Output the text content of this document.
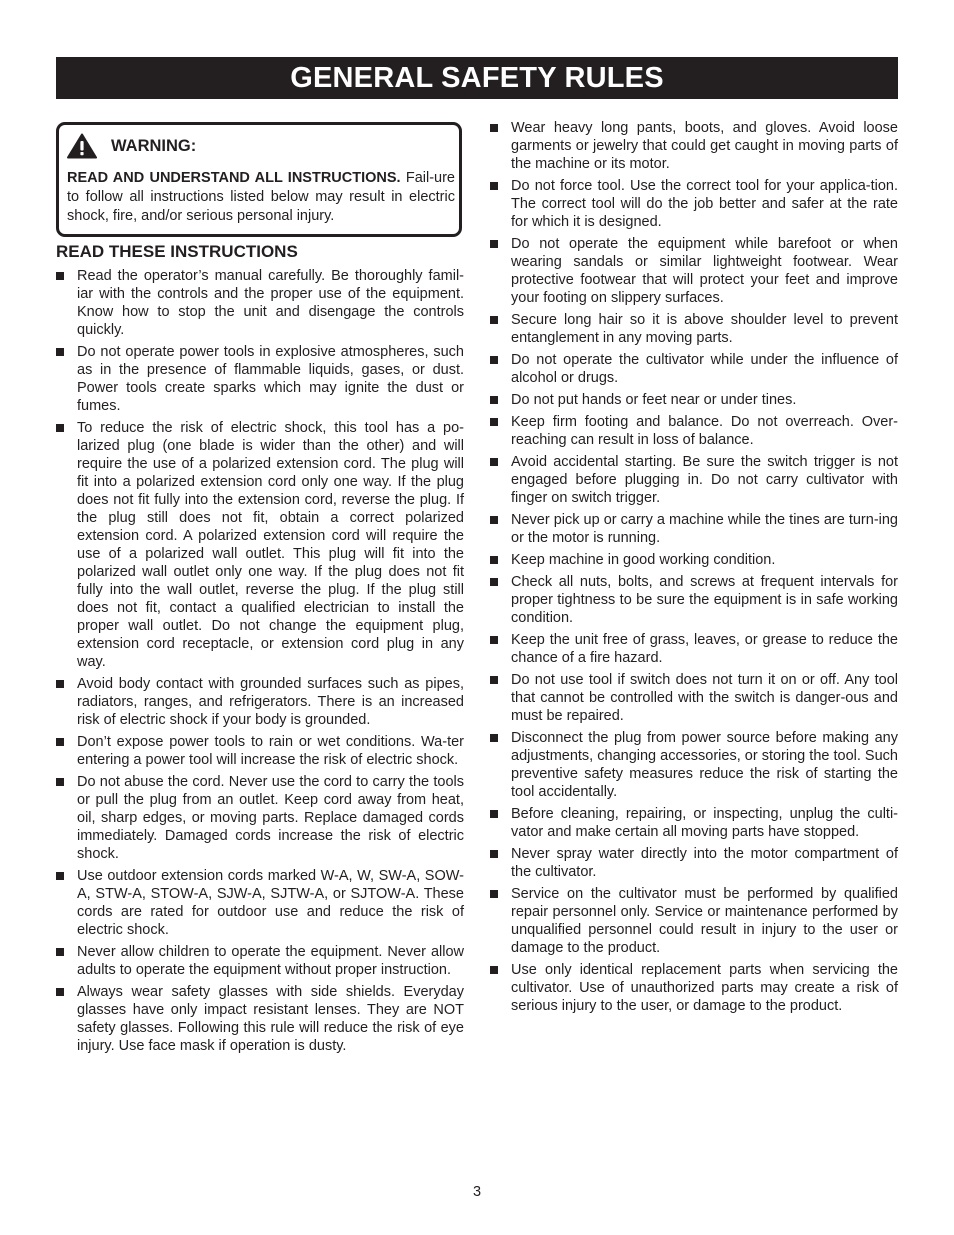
GENERAL SAFETY RULES
WARNING:
READ AND UNDERSTAND ALL INSTRUCTIONS. Fail-ure to follow all instructions listed below may result in electric shock, fire, and/or serious personal injury.
READ THESE INSTRUCTIONS
Read the operator’s manual carefully. Be thoroughly famil-iar with the controls and the proper use of the equipment. Know how to stop the unit and disengage the controls quickly.
Do not operate power tools in explosive atmospheres, such as in the presence of flammable liquids, gases, or dust. Power tools create sparks which may ignite the dust or fumes.
To reduce the risk of electric shock, this tool has a po-larized plug (one blade is wider than the other) and will require the use of a polarized extension cord. The plug will fit into a polarized extension cord only one way. If the plug does not fit fully into the extension cord, reverse the plug. If the plug still does not fit, obtain a correct polarized extension cord. A polarized extension cord will require the use of a polarized wall outlet. This plug will fit into the polarized wall outlet only one way. If the plug does not fit fully into the wall outlet, reverse the plug. If the plug still does not fit, contact a qualified electrician to install the proper wall outlet. Do not change the equipment plug, extension cord receptacle, or extension cord plug in any way.
Avoid body contact with grounded surfaces such as pipes, radiators, ranges, and refrigerators. There is an increased risk of electric shock if your body is grounded.
Don’t expose power tools to rain or wet conditions. Wa-ter entering a power tool will increase the risk of electric shock.
Do not abuse the cord. Never use the cord to carry the tools or pull the plug from an outlet. Keep cord away from heat, oil, sharp edges, or moving parts. Replace damaged cords immediately. Damaged cords increase the risk of electric shock.
Use outdoor extension cords marked W-A, W, SW-A, SOW-A, STW-A, STOW-A, SJW-A, SJTW-A, or SJTOW-A. These cords are rated for outdoor use and reduce the risk of electric shock.
Never allow children to operate the equipment. Never allow adults to operate the equipment without proper instruction.
Always wear safety glasses with side shields. Everyday glasses have only impact resistant lenses. They are NOT safety glasses. Following this rule will reduce the risk of eye injury. Use face mask if operation is dusty.
Wear heavy long pants, boots, and gloves. Avoid loose garments or jewelry that could get caught in moving parts of the machine or its motor.
Do not force tool. Use the correct tool for your applica-tion. The correct tool will do the job better and safer at the rate for which it is designed.
Do not operate the equipment while barefoot or when wearing sandals or similar lightweight footwear. Wear protective footwear that will protect your feet and improve your footing on slippery surfaces.
Secure long hair so it is above shoulder level to prevent entanglement in any moving parts.
Do not operate the cultivator while under the influence of alcohol or drugs.
Do not put hands or feet near or under tines.
Keep firm footing and balance. Do not overreach. Over-reaching can result in loss of balance.
Avoid accidental starting. Be sure the switch trigger is not engaged before plugging in. Do not carry cultivator with finger on switch trigger.
Never pick up or carry a machine while the tines are turn-ing or the motor is running.
Keep machine in good working condition.
Check all nuts, bolts, and screws at frequent intervals for proper tightness to be sure the equipment is in safe working condition.
Keep the unit free of grass, leaves, or grease to reduce the chance of a fire hazard.
Do not use tool if switch does not turn it on or off. Any tool that cannot be controlled with the switch is danger-ous and must be repaired.
Disconnect the plug from power source before making any adjustments, changing accessories, or storing the tool. Such preventive safety measures reduce the risk of starting the tool accidentally.
Before cleaning, repairing, or inspecting, unplug the culti-vator and make certain all moving parts have stopped.
Never spray water directly into the motor compartment of the cultivator.
Service on the cultivator must be performed by qualified repair personnel only. Service or maintenance performed by unqualified personnel could result in injury to the user or damage to the product.
Use only identical replacement parts when servicing the cultivator. Use of unauthorized parts may create a risk of serious injury to the user, or damage to the product.
3
